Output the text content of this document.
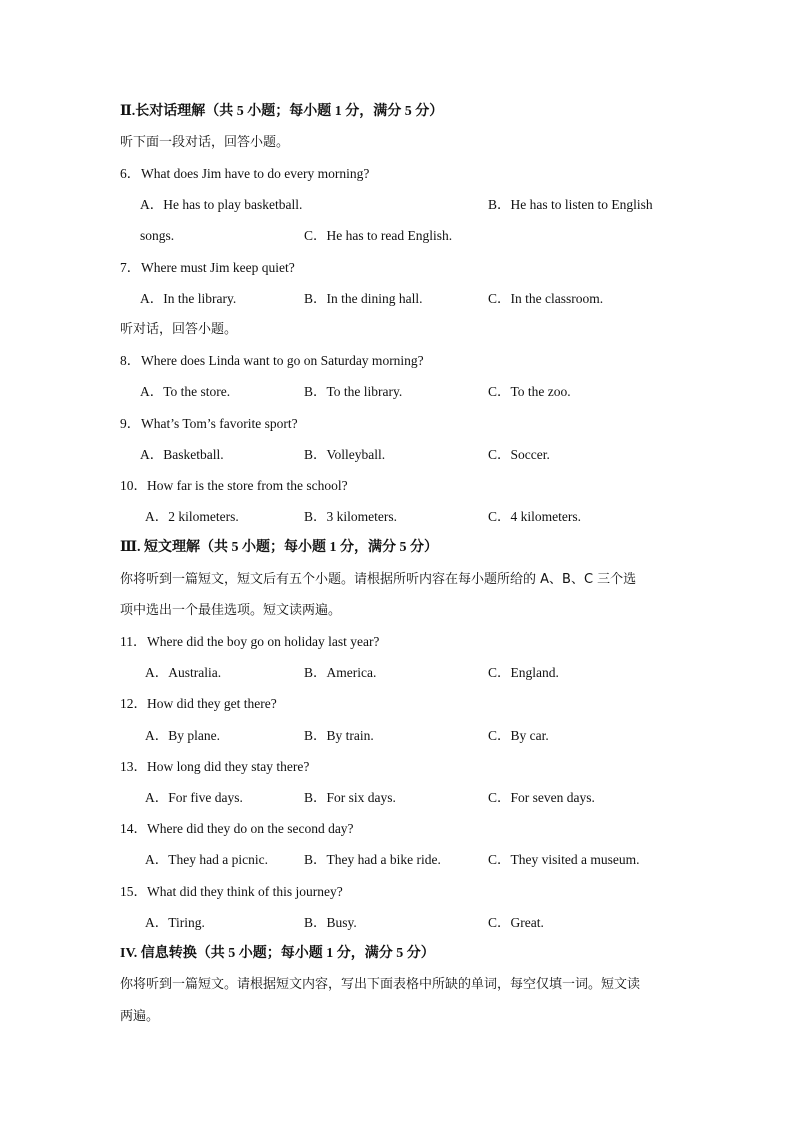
Ⅱ.长对话理解（共 5 小题；每小题 1 分，满分 5 分）
听下面一段对话，回答小题。
6． What does Jim have to do every morning?
A．He has to play basketball.	B．He has to listen to English
songs.	C．He has to read English.
7． Where must Jim keep quiet?
A．In the library.	B．In the dining hall.	C．In the classroom.
听对话，回答小题。
8． Where does Linda want to go on Saturday morning?
A．To the store.	B．To the library.	C．To the zoo.
9． What’s Tom’s favorite sport?
A．Basketball.	B．Volleyball.	C．Soccer.
10． How far is the store from the school?
A．2 kilometers.	B．3 kilometers.	C．4 kilometers.
Ⅲ. 短文理解（共 5 小题；每小题 1 分，满分 5 分）
你将听到一篇短文，短文后有五个小题。请根据所听内容在每小题所给的 A、B、C 三个选
项中选出一个最佳选项。短文读两遍。
11． Where did the boy go on holiday last year?
A．Australia.	B．America.	C．England.
12． How did they get there?
A．By plane.	B．By train.	C．By car.
13． How long did they stay there?
A．For five days.	B．For six days.	C．For seven days.
14． Where did they do on the second day?
A．They had a picnic.	B．They had a bike ride.	C．They visited a museum.
15． What did they think of this journey?
A．Tiring.	B．Busy.	C．Great.
IV. 信息转换（共 5 小题；每小题 1 分，满分 5 分）
你将听到一篇短文。请根据短文内容，写出下面表格中所缺的单词，每空仅填一词。短文读
两遍。
